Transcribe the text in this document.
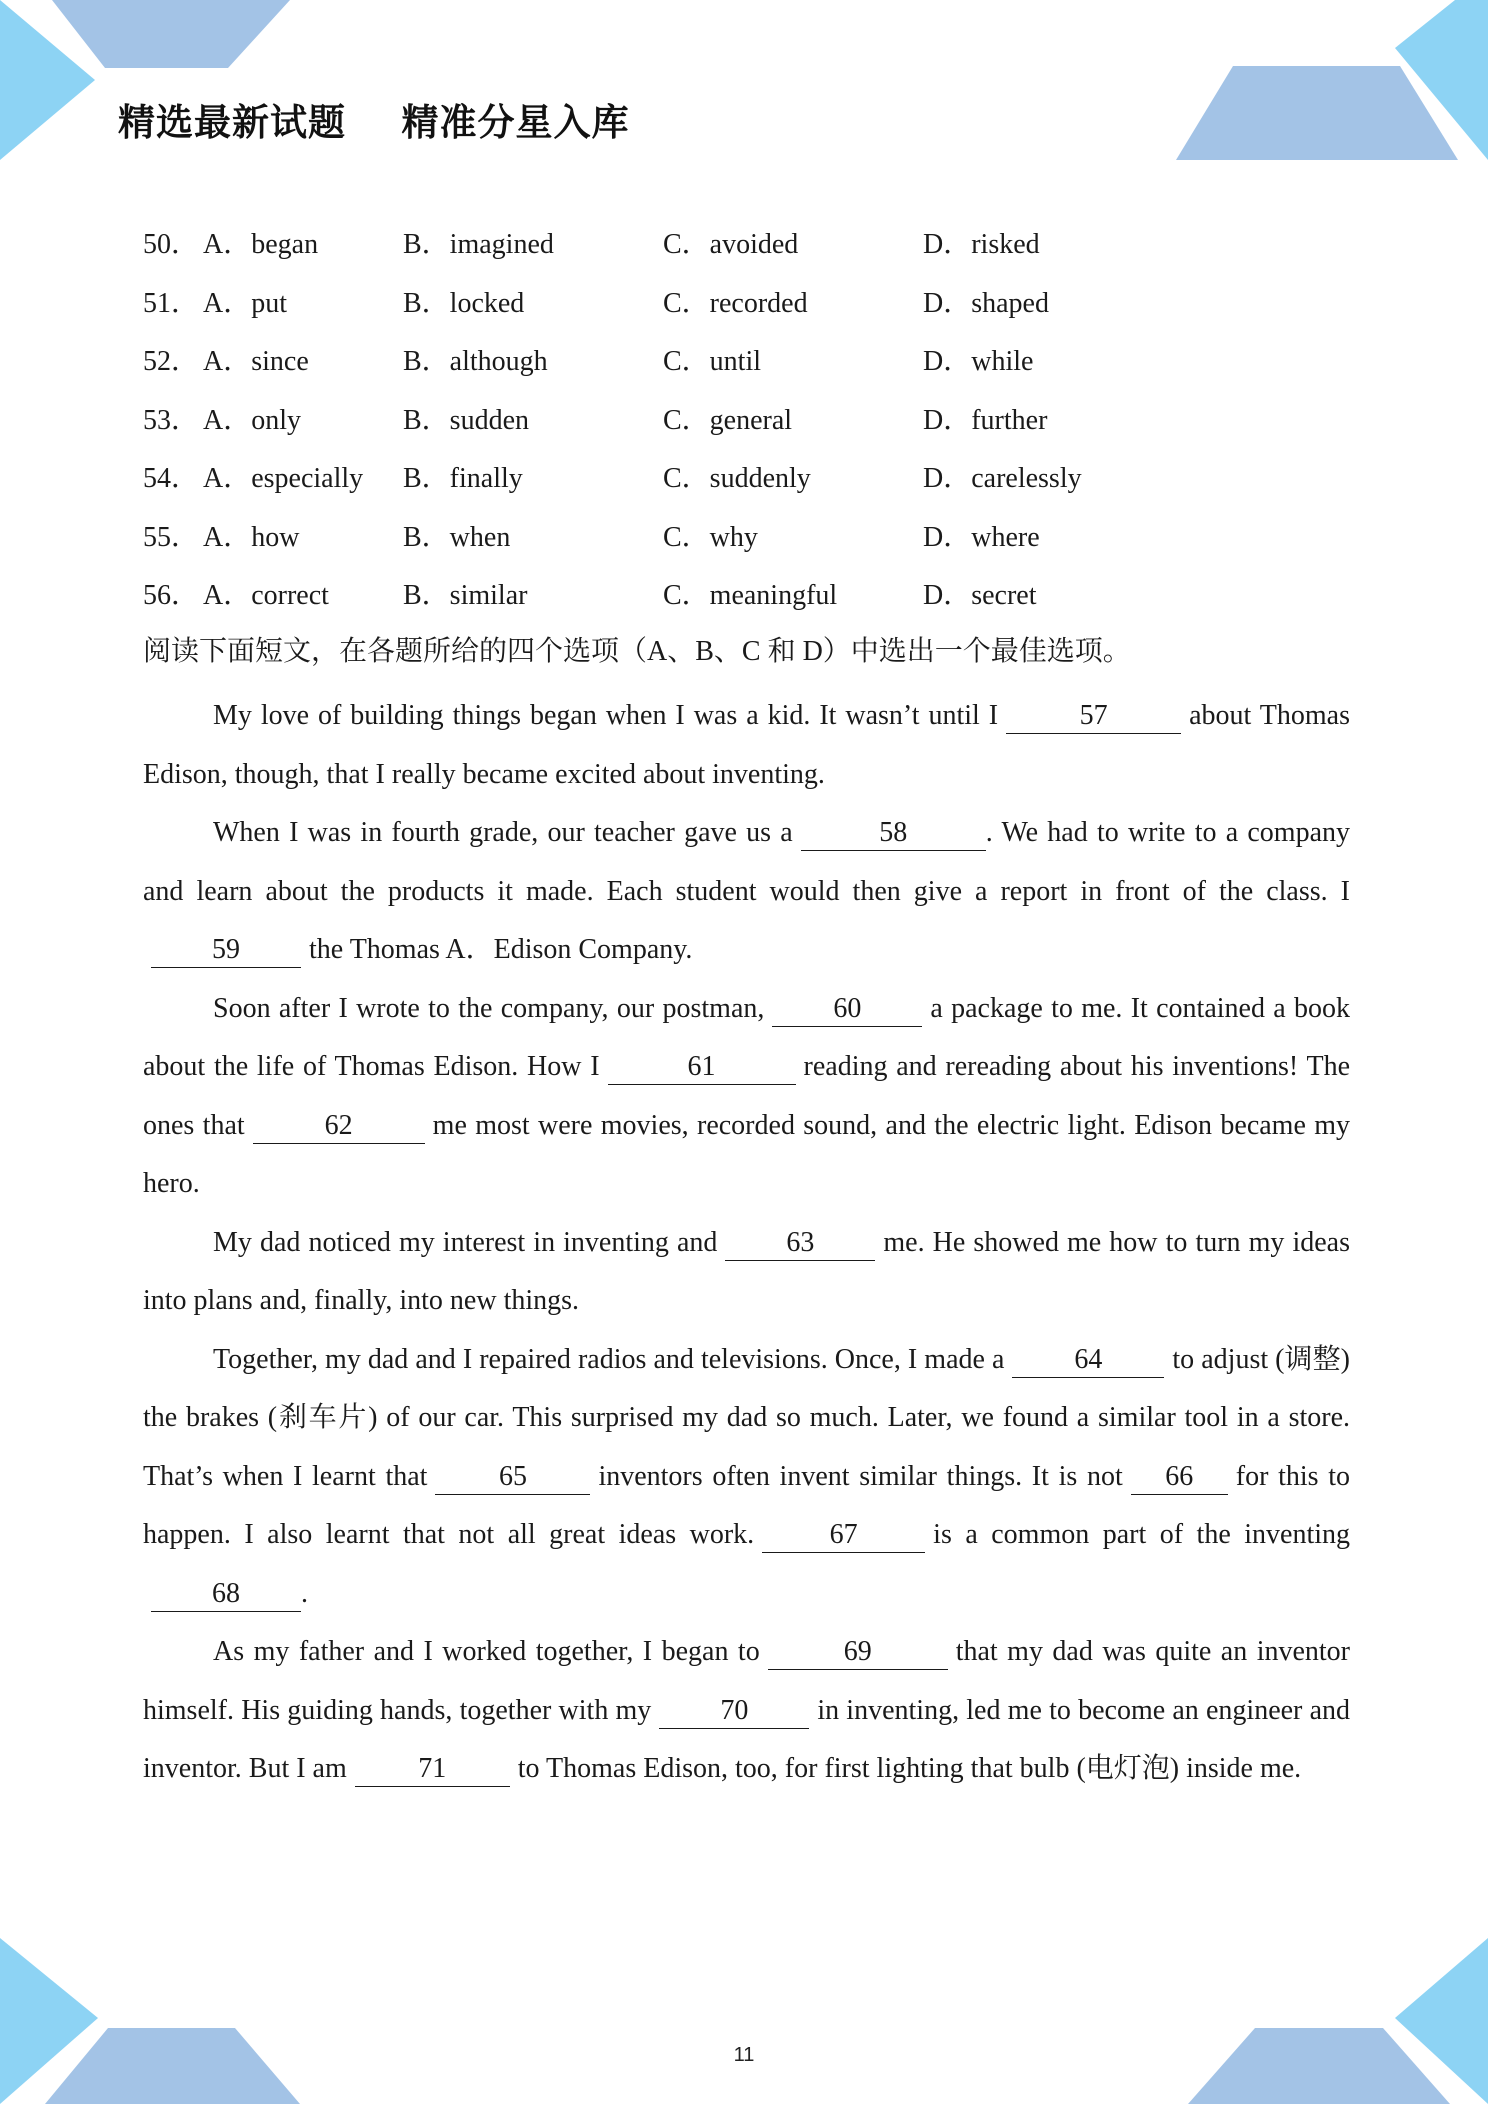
精选最新试题    精准分星入库
50． A．began	B．imagined	C．avoided	D．risked
51． A．put	B．locked	C．recorded	D．shaped
52． A．since	B．although	C．until	D．while
53． A．only	B．sudden	C．general	D．further
54． A．especially B．finally	C．suddenly	D．carelessly
55． A．how	B．when	C．why	D．where
56． A．correct	B．similar	C．meaningful	D．secret
阅读下面短文，在各题所给的四个选项（A、B、C 和 D）中选出一个最佳选项。

My love of building things began when I was a kid. It wasn’t until I	57	about Thomas Edison, though, that I really became excited about inventing.

When I was in fourth grade, our teacher gave us a	58	. We had to write to a company and learn about the products it made. Each student would then give a report in front of the class. I59 the Thomas A．Edison Company.

Soon after I wrote to the company, our postman, 60 a package to me. It contained a book about the life of Thomas Edison. How I	61	reading and rereading about his inventions! The ones that	62	me most were movies, recorded sound, and the electric light. Edison became my hero.

My dad noticed my interest in inventing and 63 me. He showed me how to turn my ideas into plans and, finally, into new things.

Together, my dad and I repaired radios and televisions. Once, I made a	64	to adjust (调整) the brakes (刹车片) of our car. This surprised my dad so much. Later, we found a similar tool in a store. That’s when I learnt that	65	inventors often invent similar things. It is not 66 for this to happen. I also learnt that not all great ideas work.	67	is a common part of the inventing68 .

As my father and I worked together, I began to	69	that my dad was quite an inventor himself. His guiding hands, together with my 70 in inventing, led me to become an engineer and inventor. But I am	71	to Thomas Edison, too, for first lighting that bulb (电灯泡) inside me.

11
